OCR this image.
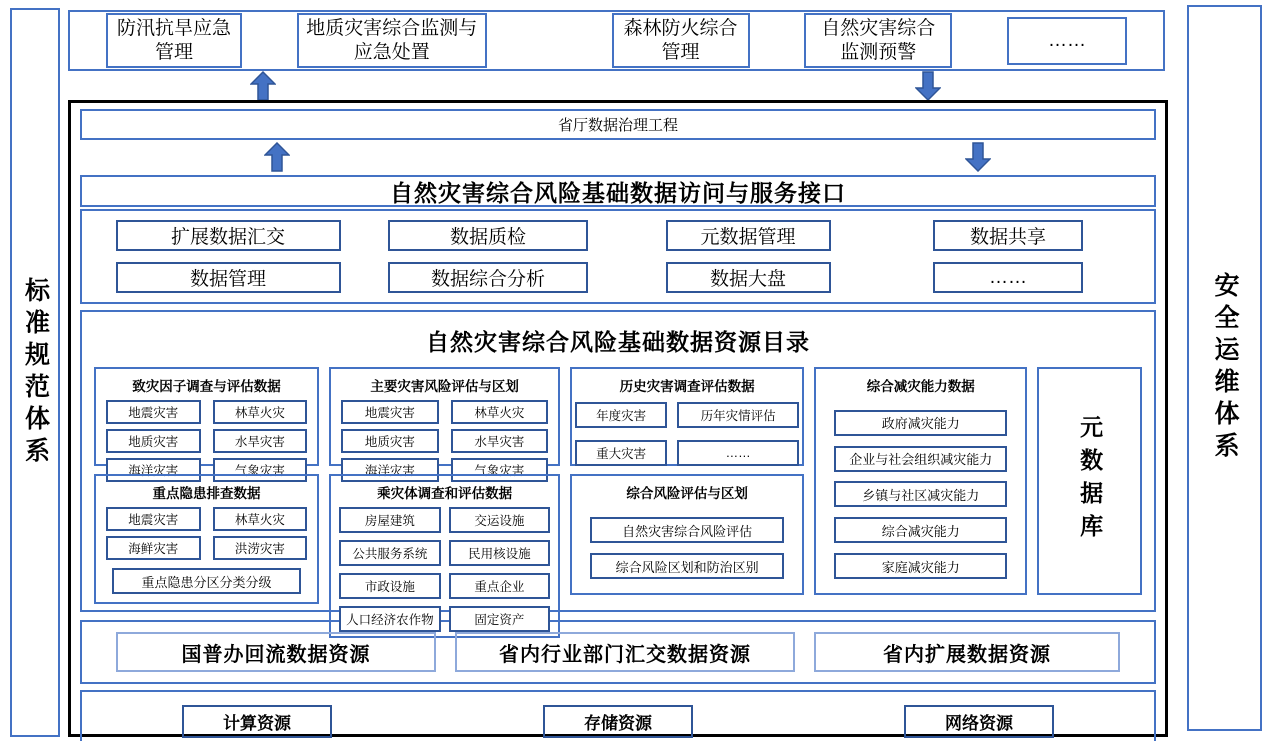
标准规范体系	安全运维体系
防汛抗旱应急管理
地质灾害综合监测与应急处置
森林防火综合管理
自然灾害综合监测预警
……
省厅数据治理工程
自然灾害综合风险基础数据访问与服务接口
扩展数据汇交	数据质检	元数据管理	数据共享
数据管理	数据综合分析	数据大盘	……
自然灾害综合风险基础数据资源目录
致灾因子调查与评估数据
地震灾害	林草火灾
地质灾害	水旱灾害
海洋灾害	气象灾害
重点隐患排查数据
地震灾害	林草火灾
海鲜灾害	洪涝灾害
重点隐患分区分类分级
主要灾害风险评估与区划
地震灾害	林草火灾
地质灾害	水旱灾害
海洋灾害	气象灾害
乘灾体调查和评估数据
房屋建筑	交运设施
公共服务系统	民用核设施
市政设施	重点企业
人口经济农作物	固定资产
历史灾害调查评估数据
年度灾害	历年灾情评估
重大灾害	……
综合风险评估与区划
自然灾害综合风险评估
综合风险区划和防治区别
综合减灾能力数据
政府减灾能力
企业与社会组织减灾能力
乡镇与社区减灾能力
综合减灾能力
家庭减灾能力
元数据库
国普办回流数据资源	省内行业部门汇交数据资源	省内扩展数据资源
计算资源	存储资源	网络资源
